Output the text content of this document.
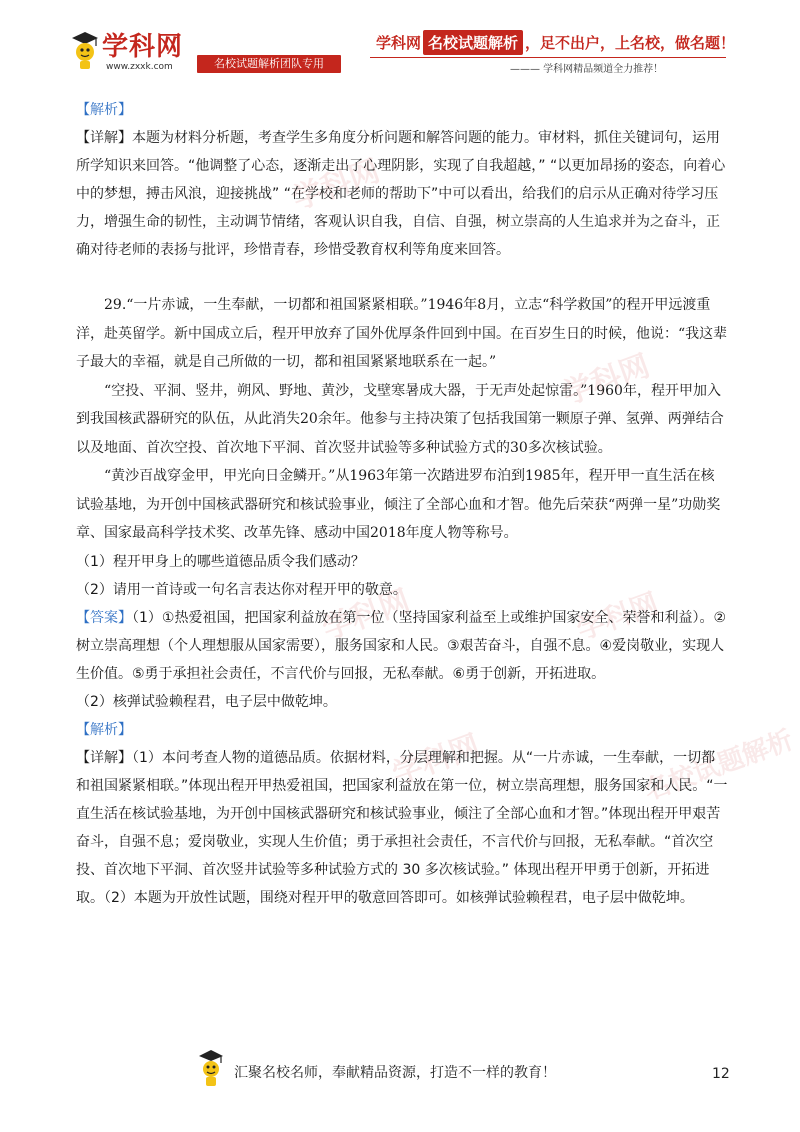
学科网
www.zxxk.com	名校试题解析团队专用
学科网 名校试题解析 ，足不出户，上名校，做名题！
——— 学科网精品频道全力推荐！
学科网
学科网
学科网	学科网
学科网	名校试题解析

【解析】

【详解】本题为材料分析题，考查学生多角度分析问题和解答问题的能力。审材料，抓住关键词句，运用所学知识来回答。“他调整了心态，逐渐走出了心理阴影，实现了自我超越，” “以更加昂扬的姿态，向着心中的梦想，搏击风浪，迎接挑战” “在学校和老师的帮助下”中可以看出，给我们的启示从正确对待学习压力，增强生命的韧性，主动调节情绪，客观认识自我，自信、自强，树立崇高的人生追求并为之奋斗，正确对待老师的表扬与批评，珍惜青春，珍惜受教育权利等角度来回答。

29.“一片赤诚，一生奉献，一切都和祖国紧紧相联。”1946年8月，立志“科学救国”的程开甲远渡重洋，赴英留学。新中国成立后，程开甲放弃了国外优厚条件回到中国。在百岁生日的时候，他说：“我这辈子最大的幸福，就是自己所做的一切，都和祖国紧紧地联系在一起。”

“空投、平洞、竖井，朔风、野地、黄沙，戈壁寒暑成大器，于无声处起惊雷。”1960年，程开甲加入到我国核武器研究的队伍，从此消失20余年。他参与主持决策了包括我国第一颗原子弹、氢弹、两弹结合以及地面、首次空投、首次地下平洞、首次竖井试验等多种试验方式的30多次核试验。

“黄沙百战穿金甲，甲光向日金鳞开。”从1963年第一次踏进罗布泊到1985年，程开甲一直生活在核试验基地，为开创中国核武器研究和核试验事业，倾注了全部心血和才智。他先后荣获“两弹一星”功勋奖章、国家最高科学技术奖、改革先锋、感动中国2018年度人物等称号。

（1）程开甲身上的哪些道德品质令我们感动？

（2）请用一首诗或一句名言表达你对程开甲的敬意。

【答案】（1）①热爱祖国，把国家利益放在第一位（坚持国家利益至上或维护国家安全、荣誉和利益）。②树立崇高理想（个人理想服从国家需要），服务国家和人民。③艰苦奋斗，自强不息。④爱岗敬业，实现人生价值。⑤勇于承担社会责任，不言代价与回报，无私奉献。⑥勇于创新，开拓进取。

（2）核弹试验赖程君，电子层中做乾坤。

【解析】

【详解】（1）本问考查人物的道德品质。依据材料，分层理解和把握。从“一片赤诚，一生奉献，一切都和祖国紧紧相联。”体现出程开甲热爱祖国，把国家利益放在第一位，树立崇高理想，服务国家和人民。“一直生活在核试验基地，为开创中国核武器研究和核试验事业，倾注了全部心血和才智。”体现出程开甲艰苦奋斗，自强不息；爱岗敬业，实现人生价值；勇于承担社会责任，不言代价与回报，无私奉献。“首次空投、首次地下平洞、首次竖井试验等多种试验方式的 30 多次核试验。” 体现出程开甲勇于创新，开拓进取。（2）本题为开放性试题，围绕对程开甲的敬意回答即可。如核弹试验赖程君，电子层中做乾坤。

汇聚名校名师，奉献精品资源，打造不一样的教育！	12
